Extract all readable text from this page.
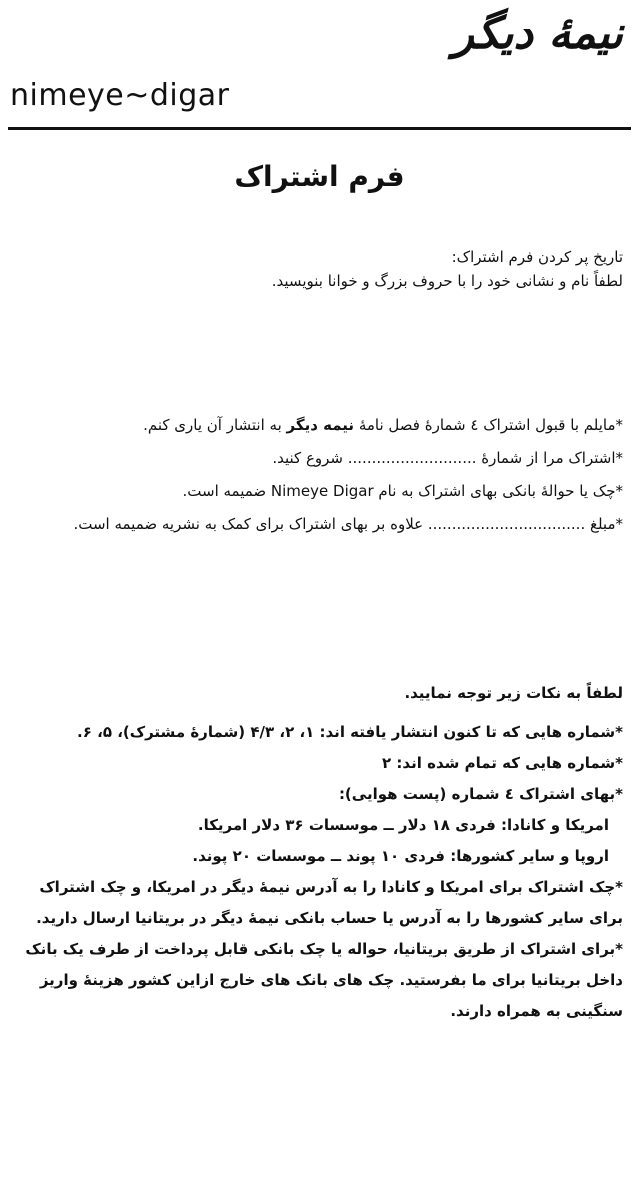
نیمهٔ دیگر
nimeye~digar
فرم اشتراک

تاریخ پر کردن فرم اشتراک:

لطفاً نام و نشانی خود را با حروف بزرگ و خوانا بنویسید.

*مایلم با قبول اشتراک ٤ شمارهٔ فصل نامهٔ نیمه دیگر به انتشار آن یاری کنم.

*اشتراک مرا از شمارهٔ ........................... شروع کنید.

*چک یا حوالهٔ بانکی بهای اشتراک به نام Nimeye Digar ضمیمه است.

*مبلغ ................................. علاوه بر بهای اشتراک برای کمک به نشریه ضمیمه است.

لطفاً به نکات زیر توجه نمایید.

*شماره هایی که تا کنون انتشار یافته اند: ۱، ۲، ۴/۳ (شمارهٔ مشترک)، ۵، ۶.

*شماره هایی که تمام شده اند: ۲

*بهای اشتراک ٤ شماره (پست هوایی):

امریکا و کانادا: فردی ۱۸ دلار ــ موسسات ۳۶ دلار امریکا.

اروپا و سایر کشورها: فردی ۱۰ پوند ــ موسسات ۲۰ پوند.

*چک اشتراک برای امریکا و کانادا را به آدرس نیمهٔ دیگر در امریکا، و چک اشتراک برای سایر کشورها را به آدرس یا حساب بانکی نیمهٔ دیگر در بریتانیا ارسال دارید.

*برای اشتراک از طریق بریتانیا، حواله یا چک بانکی قابل پرداخت از طرف یک بانک داخل بریتانیا برای ما بفرستید. چک های بانک های خارج ازاین کشور هزینهٔ واریز سنگینی به همراه دارند.
